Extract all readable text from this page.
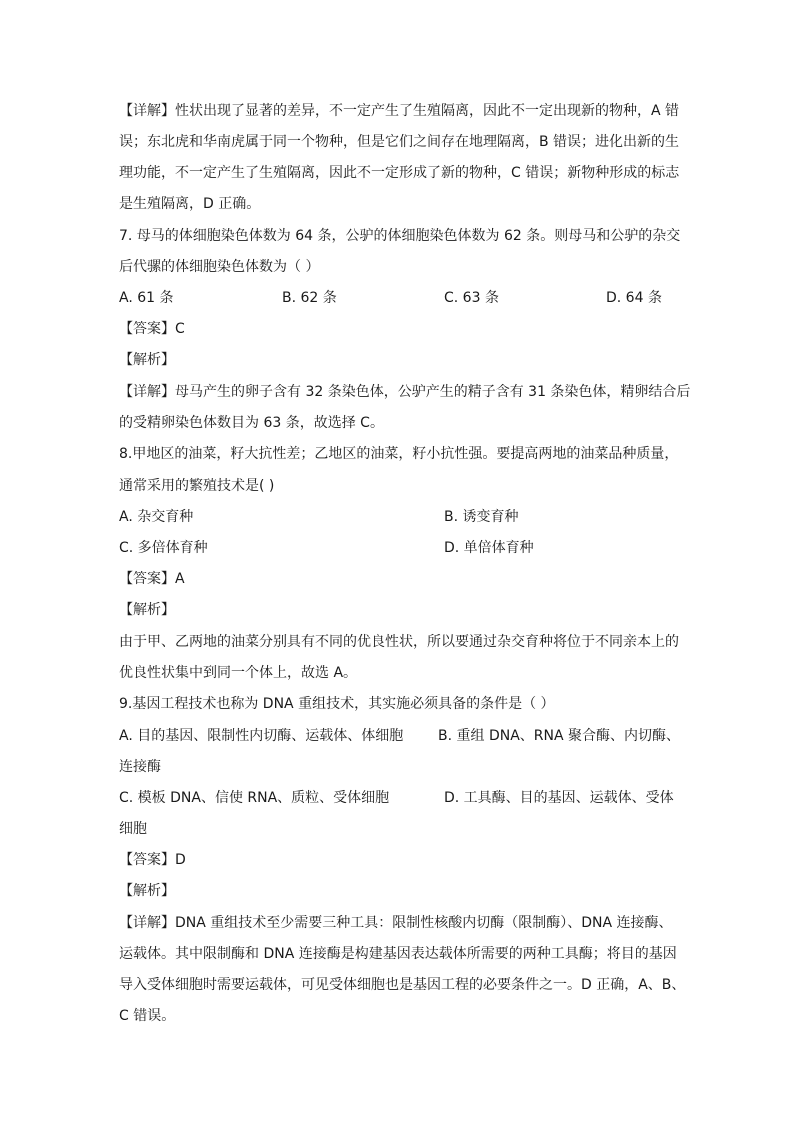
【详解】性状出现了显著的差异，不一定产生了生殖隔离，因此不一定出现新的物种，A 错
误；东北虎和华南虎属于同一个物种，但是它们之间存在地理隔离，B 错误；进化出新的生
理功能，不一定产生了生殖隔离，因此不一定形成了新的物种，C 错误；新物种形成的标志
是生殖隔离，D 正确。
7. 母马的体细胞染色体数为 64 条，公驴的体细胞染色体数为 62 条。则母马和公驴的杂交
后代骡的体细胞染色体数为（ ）
A. 61 条	B. 62 条	C. 63 条	D. 64 条
【答案】C
【解析】
【详解】母马产生的卵子含有 32 条染色体，公驴产生的精子含有 31 条染色体，精卵结合后
的受精卵染色体数目为 63 条，故选择 C。
8.甲地区的油菜，籽大抗性差；乙地区的油菜，籽小抗性强。要提高两地的油菜品种质量，
通常采用的繁殖技术是( )
A. 杂交育种	B. 诱变育种
C. 多倍体育种	D. 单倍体育种
【答案】A
【解析】
由于甲、乙两地的油菜分别具有不同的优良性状，所以要通过杂交育种将位于不同亲本上的
优良性状集中到同一个体上，故选 A。
9.基因工程技术也称为 DNA 重组技术，其实施必须具备的条件是（ ）
A. 目的基因、限制性内切酶、运载体、体细胞 B. 重组 DNA、RNA 聚合酶、内切酶、
连接酶
C. 模板 DNA、信使 RNA、质粒、受体细胞	D. 工具酶、目的基因、运载体、受体
细胞
【答案】D
【解析】
【详解】DNA 重组技术至少需要三种工具：限制性核酸内切酶（限制酶）、DNA 连接酶、
运载体。其中限制酶和 DNA 连接酶是构建基因表达载体所需要的两种工具酶；将目的基因
导入受体细胞时需要运载体，可见受体细胞也是基因工程的必要条件之一。D 正确，A、B、
C 错误。
